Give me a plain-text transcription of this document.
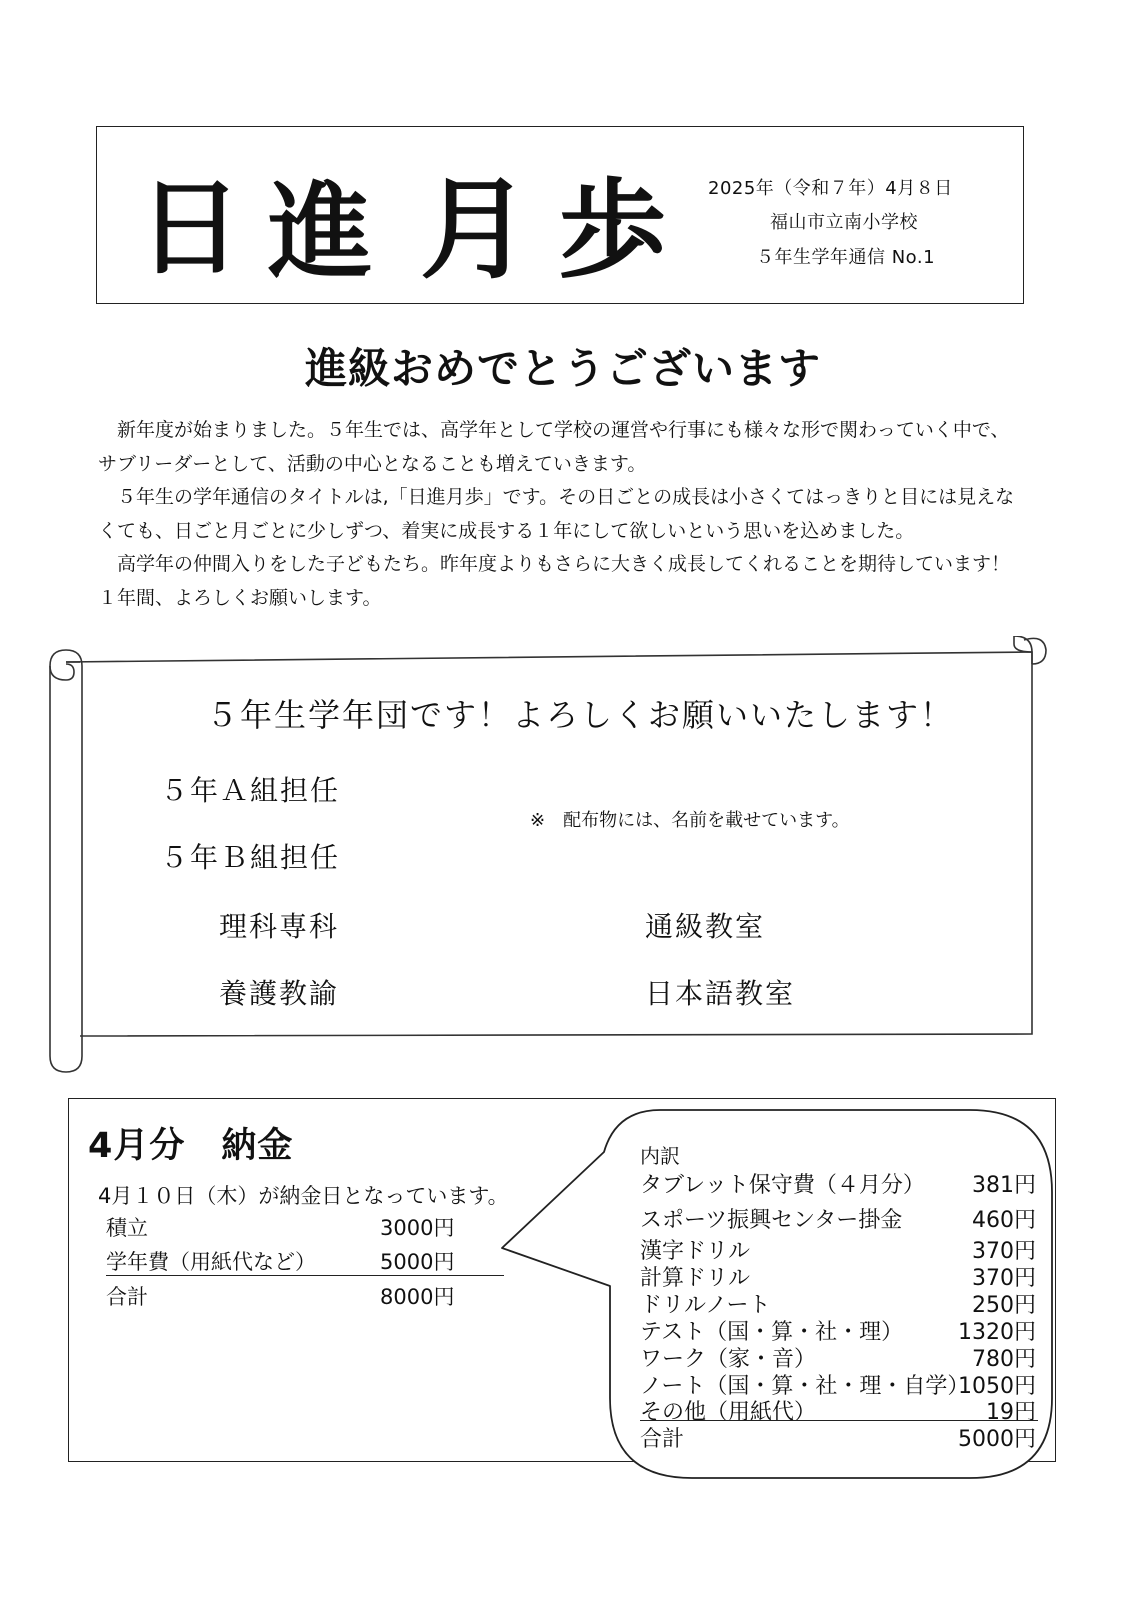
日 進 月 歩 2025年（令和７年）4月８日
福山市立南小学校
５年生学年通信 No.1
進級おめでとうございます

新年度が始まりました。５年生では、高学年として学校の運営や行事にも様々な形で関わっていく中で、サブリーダーとして、活動の中心となることも増えていきます。

５年生の学年通信のタイトルは,「日進月歩」です。その日ごとの成長は小さくてはっきりと目には見えなくても、日ごと月ごとに少しずつ、着実に成長する１年にして欲しいという思いを込めました。

高学年の仲間入りをした子どもたち。昨年度よりもさらに大きく成長してくれることを期待しています！１年間、よろしくお願いします。

５年生学年団です！よろしくお願いいたします！
５年Ａ組担任
５年Ｂ組担任
理科専科
養護教諭
通級教室
日本語教室
※　配布物には、名前を載せています。
4月分　納金
4月１０日（木）が納金日となっています。
積立	3000円
学年費（用紙代など）	5000円
合計	8000円
内訳
タブレット保守費（４月分） 381円
スポーツ振興センター掛金	460円
漢字ドリル	370円
計算ドリル	370円
ドリルノート	250円
テスト（国・算・社・理） 1320円
ワーク（家・音）	780円
ノート（国・算・社・理・自学）
1050円
その他（用紙代）	19円
合計	5000円
